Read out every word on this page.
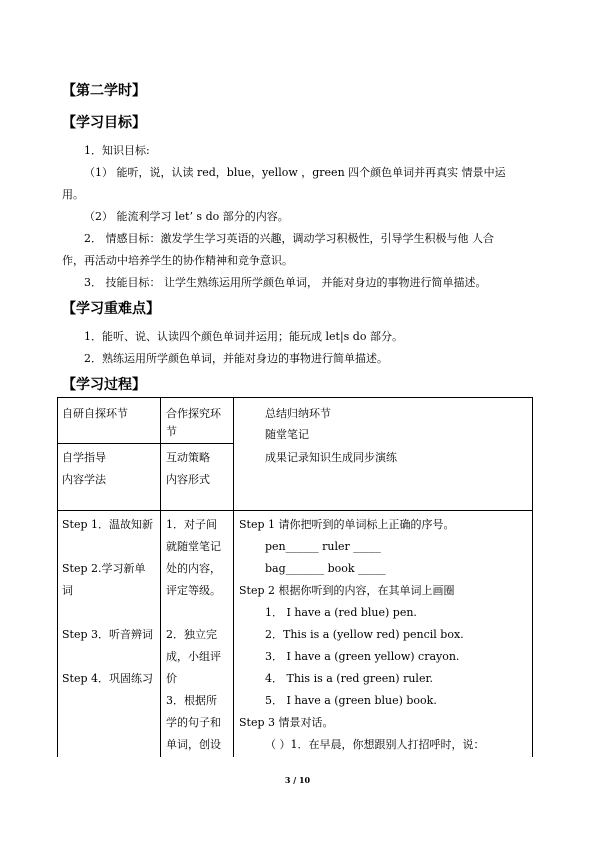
【第二学时】
【学习目标】
1．知识目标:
（1） 能听，说，认读 red，blue，yellow ，green 四个颜色单词并再真实 情景中运
用。
（2） 能流利学习 let’ s do 部分的内容。
2． 情感目标：激发学生学习英语的兴趣，调动学习积极性，引导学生积极与他 人合
作，再活动中培养学生的协作精神和竞争意识。
3． 技能目标： 让学生熟练运用所学颜色单词， 并能对身边的事物进行简单描述。
【学习重难点】
1．能听、说、认读四个颜色单词并运用；能玩成 let|s do 部分。
2．熟练运用所学颜色单词，并能对身边的事物进行简单描述。
【学习过程】
自研自探环节	合作探究环
节
总结归纳环节
随堂笔记
成果记录知识生成同步演练
自学指导
内容学法
互动策略
内容形式
Step 1．温故知新
Step 2.学习新单
词
Step 3．听音辨词
Step 4．巩固练习
1．对子间
就随堂笔记
处的内容，
评定等级。
2．独立完
成，小组评
价
3．根据所
学的句子和
单词，创设
Step 1 请你把听到的单词标上正确的序号。
pen______ ruler _____
bag_______ book _____
Step 2 根据你听到的内容，在其单词上画圈
1． I have a (red blue) pen.
2．This is a (yellow red) pencil box.
3． I have a (green yellow) crayon.
4． This is a (red green) ruler.
5． I have a (green blue) book.
Step 3 情景对话。
（ ）1．在早晨，你想跟别人打招呼时，说：
3 / 10
